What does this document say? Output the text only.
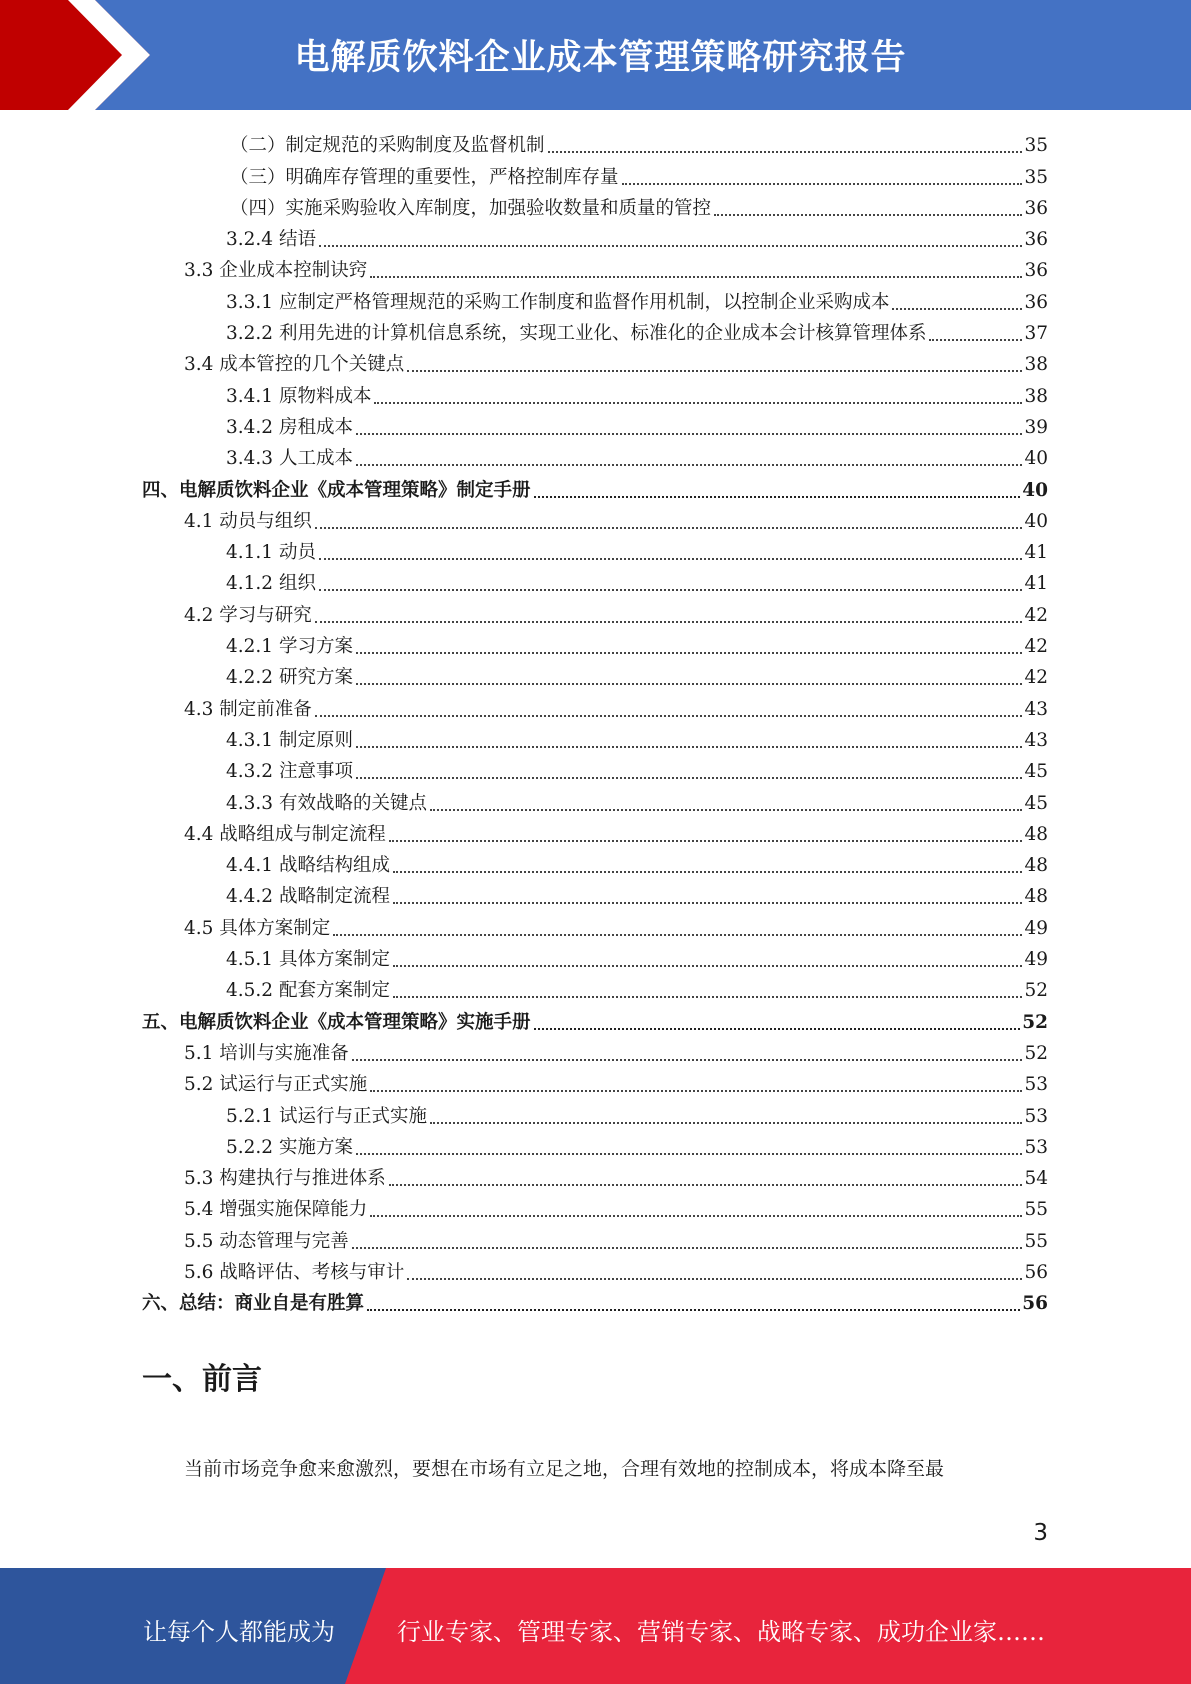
电解质饮料企业成本管理策略研究报告
（二）制定规范的采购制度及监督机制	35
（三）明确库存管理的重要性，严格控制库存量	35
（四）实施采购验收入库制度，加强验收数量和质量的管控	36
3.2.4 结语	36
3.3 企业成本控制诀窍	36
3.3.1 应制定严格管理规范的采购工作制度和监督作用机制，以控制企业采购成本	36
3.2.2 利用先进的计算机信息系统，实现工业化、标准化的企业成本会计核算管理体系	37
3.4 成本管控的几个关键点	38
3.4.1 原物料成本	38
3.4.2 房租成本	39
3.4.3 人工成本	40
四、电解质饮料企业《成本管理策略》制定手册	40
4.1 动员与组织	40
4.1.1 动员	41
4.1.2 组织	41
4.2 学习与研究	42
4.2.1 学习方案	42
4.2.2 研究方案	42
4.3 制定前准备	43
4.3.1 制定原则	43
4.3.2 注意事项	45
4.3.3 有效战略的关键点	45
4.4 战略组成与制定流程	48
4.4.1 战略结构组成	48
4.4.2 战略制定流程	48
4.5 具体方案制定	49
4.5.1 具体方案制定	49
4.5.2 配套方案制定	52
五、电解质饮料企业《成本管理策略》实施手册	52
5.1 培训与实施准备	52
5.2 试运行与正式实施	53
5.2.1 试运行与正式实施	53
5.2.2 实施方案	53
5.3 构建执行与推进体系	54
5.4 增强实施保障能力	55
5.5 动态管理与完善	55
5.6 战略评估、考核与审计	56
六、总结：商业自是有胜算	56
一、前言
当前市场竞争愈来愈激烈，要想在市场有立足之地，合理有效地的控制成本，将成本降至最
3
让每个人都能成为	行业专家、管理专家、营销专家、战略专家、成功企业家……
